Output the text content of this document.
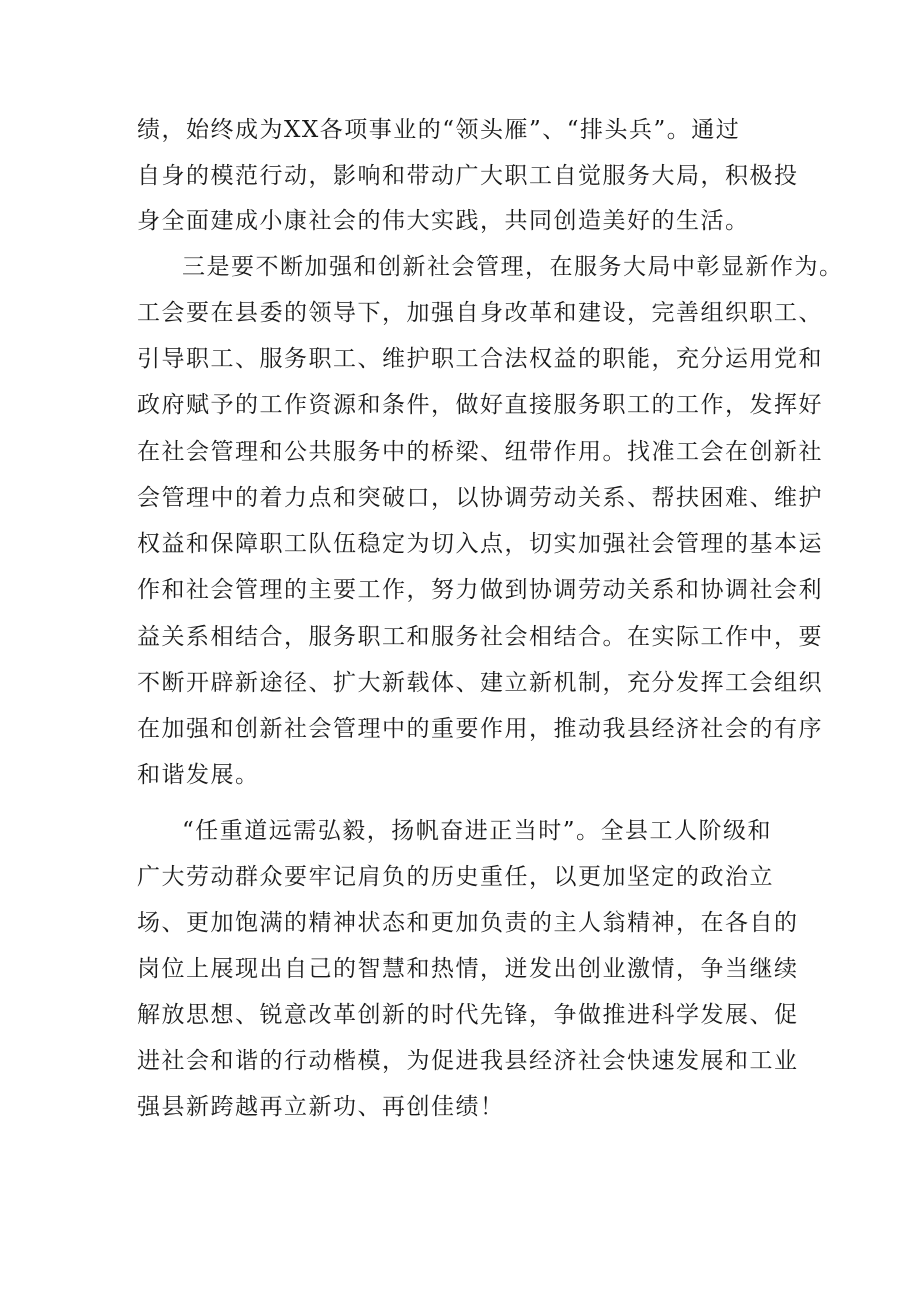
绩，始终成为XX各项事业的“领头雁”、“排头兵”。通过

自身的模范行动，影响和带动广大职工自觉服务大局，积极投

身全面建成小康社会的伟大实践，共同创造美好的生活。

三是要不断加强和创新社会管理，在服务大局中彰显新作为。

工会要在县委的领导下，加强自身改革和建设，完善组织职工、

引导职工、服务职工、维护职工合法权益的职能，充分运用党和

政府赋予的工作资源和条件，做好直接服务职工的工作，发挥好

在社会管理和公共服务中的桥梁、纽带作用。找准工会在创新社

会管理中的着力点和突破口，以协调劳动关系、帮扶困难、维护

权益和保障职工队伍稳定为切入点，切实加强社会管理的基本运

作和社会管理的主要工作，努力做到协调劳动关系和协调社会利

益关系相结合，服务职工和服务社会相结合。在实际工作中，要

不断开辟新途径、扩大新载体、建立新机制，充分发挥工会组织

在加强和创新社会管理中的重要作用，推动我县经济社会的有序

和谐发展。

“任重道远需弘毅，扬帆奋进正当时”。全县工人阶级和

广大劳动群众要牢记肩负的历史重任，以更加坚定的政治立

场、更加饱满的精神状态和更加负责的主人翁精神，在各自的

岗位上展现出自己的智慧和热情，迸发出创业激情，争当继续

解放思想、锐意改革创新的时代先锋，争做推进科学发展、促

进社会和谐的行动楷模，为促进我县经济社会快速发展和工业

强县新跨越再立新功、再创佳绩！
